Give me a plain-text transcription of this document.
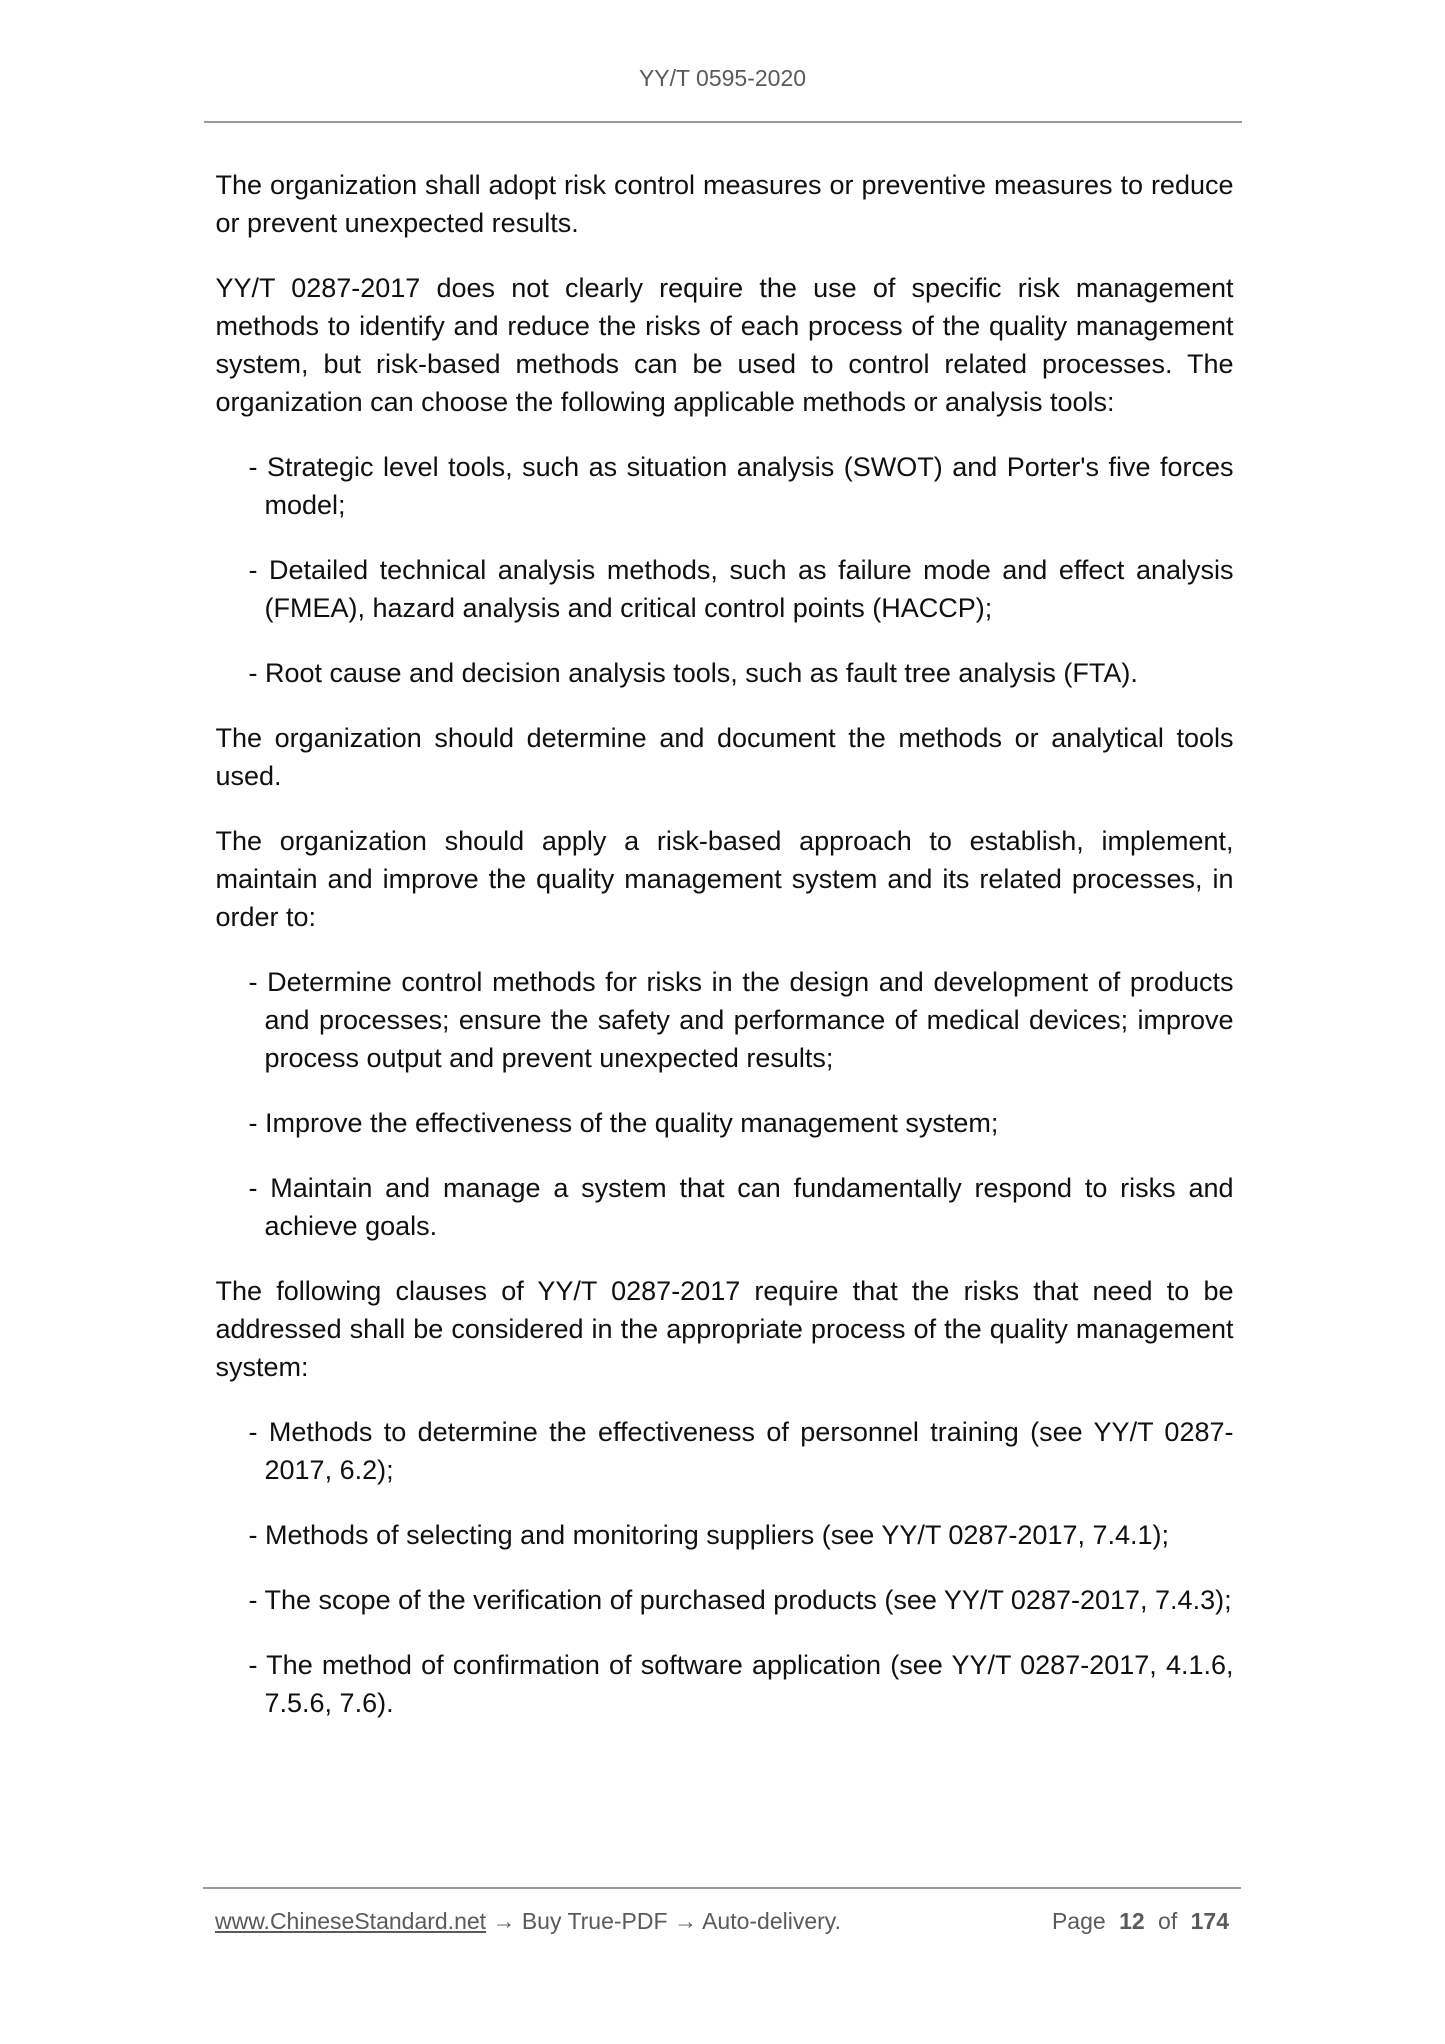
YY/T 0595-2020
The organization shall adopt risk control measures or preventive measures to reduce or prevent unexpected results.
YY/T 0287-2017 does not clearly require the use of specific risk management methods to identify and reduce the risks of each process of the quality management system, but risk-based methods can be used to control related processes. The organization can choose the following applicable methods or analysis tools:
- Strategic level tools, such as situation analysis (SWOT) and Porter's five forces model;
- Detailed technical analysis methods, such as failure mode and effect analysis (FMEA), hazard analysis and critical control points (HACCP);
- Root cause and decision analysis tools, such as fault tree analysis (FTA).
The organization should determine and document the methods or analytical tools used.
The organization should apply a risk-based approach to establish, implement, maintain and improve the quality management system and its related processes, in order to:
- Determine control methods for risks in the design and development of products and processes; ensure the safety and performance of medical devices; improve process output and prevent unexpected results;
- Improve the effectiveness of the quality management system;
- Maintain and manage a system that can fundamentally respond to risks and achieve goals.
The following clauses of YY/T 0287-2017 require that the risks that need to be addressed shall be considered in the appropriate process of the quality management system:
- Methods to determine the effectiveness of personnel training (see YY/T 0287-2017, 6.2);
- Methods of selecting and monitoring suppliers (see YY/T 0287-2017, 7.4.1);
- The scope of the verification of purchased products (see YY/T 0287-2017, 7.4.3);
- The method of confirmation of software application (see YY/T 0287-2017, 4.1.6, 7.5.6, 7.6).
www.ChineseStandard.net → Buy True-PDF → Auto-delivery.	Page 12 of 174
